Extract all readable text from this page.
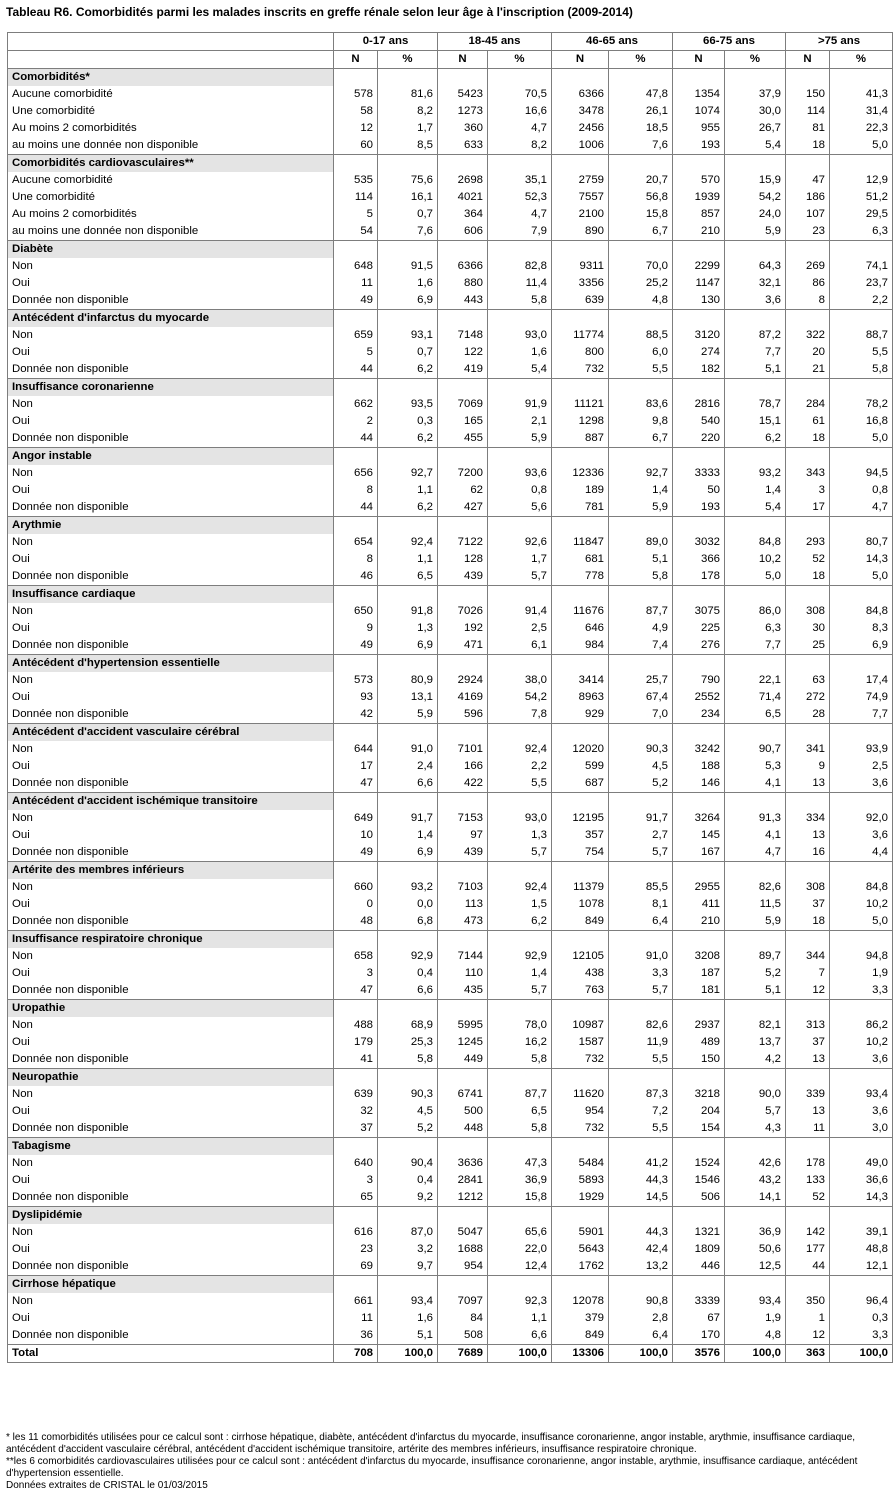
Tableau R6. Comorbidités parmi les malades inscrits en greffe rénale selon leur âge à l'inscription (2009-2014)
	0-17 ans		18-45 ans		46-65 ans		66-75 ans		>75 ans	
	N	%	N	%	N	%	N	%	N	%
Comorbidités*										
Aucune comorbidité	578	81,6	5423	70,5	6366	47,8	1354	37,9	150	41,3
Une comorbidité	58	8,2	1273	16,6	3478	26,1	1074	30,0	114	31,4
Au moins 2 comorbidités	12	1,7	360	4,7	2456	18,5	955	26,7	81	22,3
au moins une donnée non disponible	60	8,5	633	8,2	1006	7,6	193	5,4	18	5,0
Comorbidités cardiovasculaires**										
Aucune comorbidité	535	75,6	2698	35,1	2759	20,7	570	15,9	47	12,9
Une comorbidité	114	16,1	4021	52,3	7557	56,8	1939	54,2	186	51,2
Au moins 2 comorbidités	5	0,7	364	4,7	2100	15,8	857	24,0	107	29,5
au moins une donnée non disponible	54	7,6	606	7,9	890	6,7	210	5,9	23	6,3
Diabète										
Non	648	91,5	6366	82,8	9311	70,0	2299	64,3	269	74,1
Oui	11	1,6	880	11,4	3356	25,2	1147	32,1	86	23,7
Donnée non disponible	49	6,9	443	5,8	639	4,8	130	3,6	8	2,2
Antécédent d'infarctus du myocarde										
Non	659	93,1	7148	93,0	11774	88,5	3120	87,2	322	88,7
Oui	5	0,7	122	1,6	800	6,0	274	7,7	20	5,5
Donnée non disponible	44	6,2	419	5,4	732	5,5	182	5,1	21	5,8
Insuffisance coronarienne										
Non	662	93,5	7069	91,9	11121	83,6	2816	78,7	284	78,2
Oui	2	0,3	165	2,1	1298	9,8	540	15,1	61	16,8
Donnée non disponible	44	6,2	455	5,9	887	6,7	220	6,2	18	5,0
Angor instable										
Non	656	92,7	7200	93,6	12336	92,7	3333	93,2	343	94,5
Oui	8	1,1	62	0,8	189	1,4	50	1,4	3	0,8
Donnée non disponible	44	6,2	427	5,6	781	5,9	193	5,4	17	4,7
Arythmie										
Non	654	92,4	7122	92,6	11847	89,0	3032	84,8	293	80,7
Oui	8	1,1	128	1,7	681	5,1	366	10,2	52	14,3
Donnée non disponible	46	6,5	439	5,7	778	5,8	178	5,0	18	5,0
Insuffisance cardiaque										
Non	650	91,8	7026	91,4	11676	87,7	3075	86,0	308	84,8
Oui	9	1,3	192	2,5	646	4,9	225	6,3	30	8,3
Donnée non disponible	49	6,9	471	6,1	984	7,4	276	7,7	25	6,9
Antécédent d'hypertension essentielle										
Non	573	80,9	2924	38,0	3414	25,7	790	22,1	63	17,4
Oui	93	13,1	4169	54,2	8963	67,4	2552	71,4	272	74,9
Donnée non disponible	42	5,9	596	7,8	929	7,0	234	6,5	28	7,7
Antécédent d'accident vasculaire cérébral										
Non	644	91,0	7101	92,4	12020	90,3	3242	90,7	341	93,9
Oui	17	2,4	166	2,2	599	4,5	188	5,3	9	2,5
Donnée non disponible	47	6,6	422	5,5	687	5,2	146	4,1	13	3,6
Antécédent d'accident ischémique transitoire										
Non	649	91,7	7153	93,0	12195	91,7	3264	91,3	334	92,0
Oui	10	1,4	97	1,3	357	2,7	145	4,1	13	3,6
Donnée non disponible	49	6,9	439	5,7	754	5,7	167	4,7	16	4,4
Artérite des membres inférieurs										
Non	660	93,2	7103	92,4	11379	85,5	2955	82,6	308	84,8
Oui	0	0,0	113	1,5	1078	8,1	411	11,5	37	10,2
Donnée non disponible	48	6,8	473	6,2	849	6,4	210	5,9	18	5,0
Insuffisance respiratoire chronique										
Non	658	92,9	7144	92,9	12105	91,0	3208	89,7	344	94,8
Oui	3	0,4	110	1,4	438	3,3	187	5,2	7	1,9
Donnée non disponible	47	6,6	435	5,7	763	5,7	181	5,1	12	3,3
Uropathie										
Non	488	68,9	5995	78,0	10987	82,6	2937	82,1	313	86,2
Oui	179	25,3	1245	16,2	1587	11,9	489	13,7	37	10,2
Donnée non disponible	41	5,8	449	5,8	732	5,5	150	4,2	13	3,6
Neuropathie										
Non	639	90,3	6741	87,7	11620	87,3	3218	90,0	339	93,4
Oui	32	4,5	500	6,5	954	7,2	204	5,7	13	3,6
Donnée non disponible	37	5,2	448	5,8	732	5,5	154	4,3	11	3,0
Tabagisme										
Non	640	90,4	3636	47,3	5484	41,2	1524	42,6	178	49,0
Oui	3	0,4	2841	36,9	5893	44,3	1546	43,2	133	36,6
Donnée non disponible	65	9,2	1212	15,8	1929	14,5	506	14,1	52	14,3
Dyslipidémie										
Non	616	87,0	5047	65,6	5901	44,3	1321	36,9	142	39,1
Oui	23	3,2	1688	22,0	5643	42,4	1809	50,6	177	48,8
Donnée non disponible	69	9,7	954	12,4	1762	13,2	446	12,5	44	12,1
Cirrhose hépatique										
Non	661	93,4	7097	92,3	12078	90,8	3339	93,4	350	96,4
Oui	11	1,6	84	1,1	379	2,8	67	1,9	1	0,3
Donnée non disponible	36	5,1	508	6,6	849	6,4	170	4,8	12	3,3
Total	708	100,0	7689	100,0	13306	100,0	3576	100,0	363	100,0
* les 11 comorbidités utilisées pour ce calcul sont : cirrhose hépatique, diabète, antécédent d'infarctus du myocarde, insuffisance coronarienne, angor instable, arythmie, insuffisance cardiaque, antécédent d'accident vasculaire cérébral, antécédent d'accident ischémique transitoire, artérite des membres inférieurs, insuffisance respiratoire chronique.
**les 6 comorbidités cardiovasculaires utilisées pour ce calcul sont : antécédent d'infarctus du myocarde, insuffisance coronarienne, angor instable, arythmie, insuffisance cardiaque, antécédent d'hypertension essentielle.
Données extraites de CRISTAL le 01/03/2015
